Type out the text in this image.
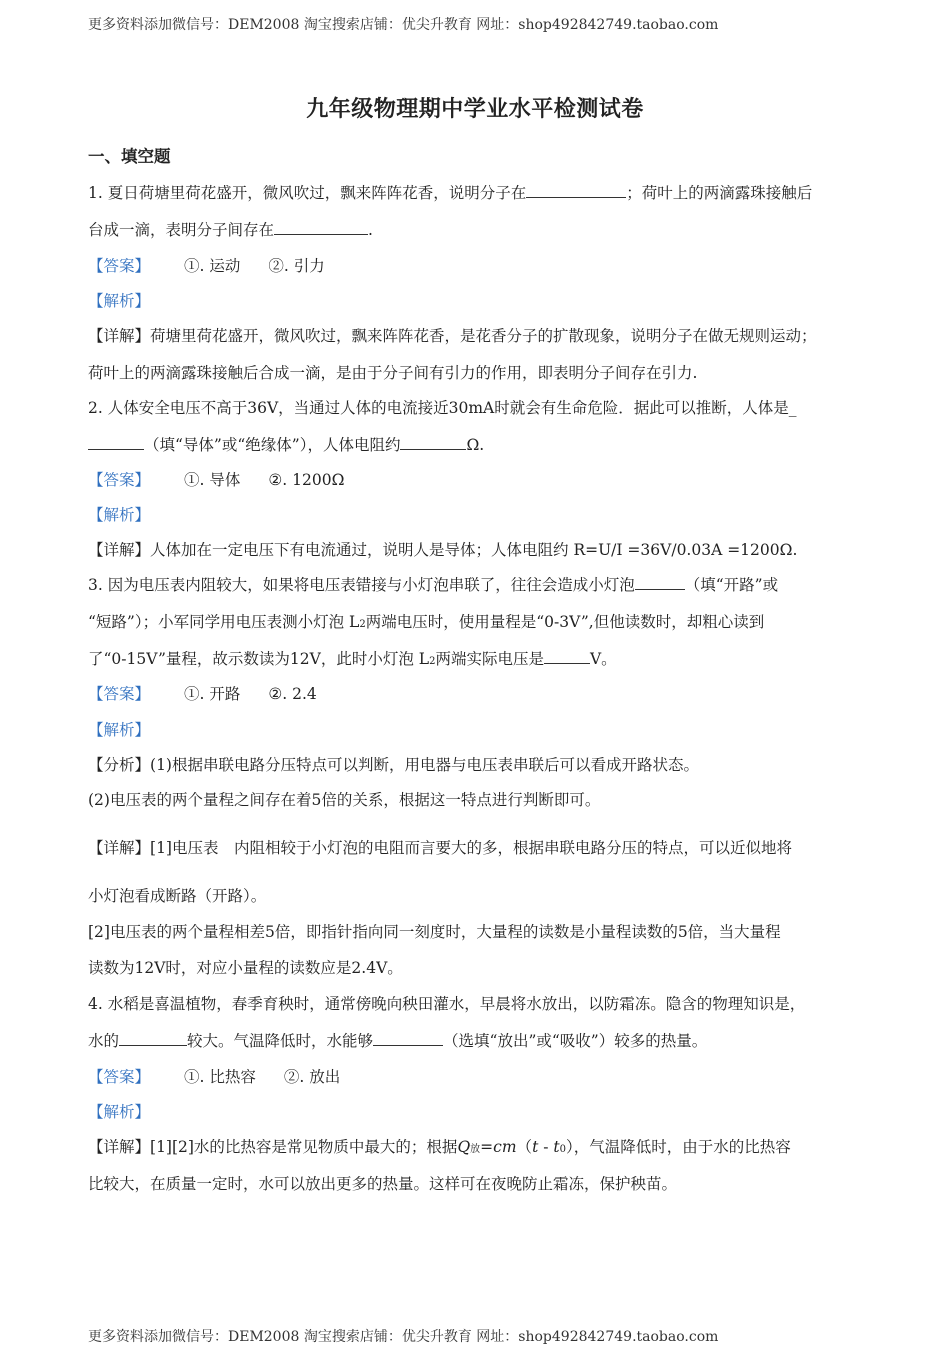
更多资料添加微信号：DEM2008 淘宝搜索店铺：优尖升教育 网址：shop492842749.taobao.com
九年级物理期中学业水平检测试卷
一、填空题
1. 夏日荷塘里荷花盛开，微风吹过，飘来阵阵花香，说明分子在	；荷叶上的两滴露珠接触后
台成一滴，表明分子间存在	.
【答案】 ①. 运动 ②. 引力
【解析】
【详解】荷塘里荷花盛开，微风吹过，飘来阵阵花香，是花香分子的扩散现象，说明分子在做无规则运动；
荷叶上的两滴露珠接触后合成一滴，是由于分子间有引力的作用，即表明分子间存在引力.
2. 人体安全电压不高于36V，当通过人体的电流接近30mA时就会有生命危险．据此可以推断，人体是_
（填“导体”或“绝缘体”），人体电阻约	Ω.
【答案】 ①. 导体 ②. 1200Ω
【解析】
【详解】人体加在一定电压下有电流通过，说明人是导体；人体电阻约 R=U/I =36V/0.03A =1200Ω.
3. 因为电压表内阻较大，如果将电压表错接与小灯泡串联了，往往会造成小灯泡	（填“开路”或
“短路”）；小军同学用电压表测小灯泡 L2两端电压时，使用量程是“0-3V”,但他读数时，却粗心读到
了“0-15V”量程，故示数读为12V，此时小灯泡 L2两端实际电压是	V。
【答案】 ①. 开路 ②. 2.4
【解析】
【分析】(1)根据串联电路分压特点可以判断，用电器与电压表串联后可以看成开路状态。
(2)电压表的两个量程之间存在着5倍的关系，根据这一特点进行判断即可。
【详解】[1]电压表　内阻相较于小灯泡的电阻而言要大的多，根据串联电路分压的特点，可以近似地将
小灯泡看成断路（开路）。
[2]电压表的两个量程相差5倍，即指针指向同一刻度时，大量程的读数是小量程读数的5倍，当大量程
读数为12V时，对应小量程的读数应是2.4V。
4. 水稻是喜温植物，春季育秧时，通常傍晚向秧田灌水，早晨将水放出，以防霜冻。隐含的物理知识是，
水的	较大。气温降低时，水能够	（选填“放出”或“吸收”）较多的热量。
【答案】 ①. 比热容 ②. 放出
【解析】
【详解】[1][2]水的比热容是常见物质中最大的；根据Q放=cm（t - t0），气温降低时，由于水的比热容
比较大，在质量一定时，水可以放出更多的热量。这样可在夜晚防止霜冻，保护秧苗。
更多资料添加微信号：DEM2008 淘宝搜索店铺：优尖升教育 网址：shop492842749.taobao.com
